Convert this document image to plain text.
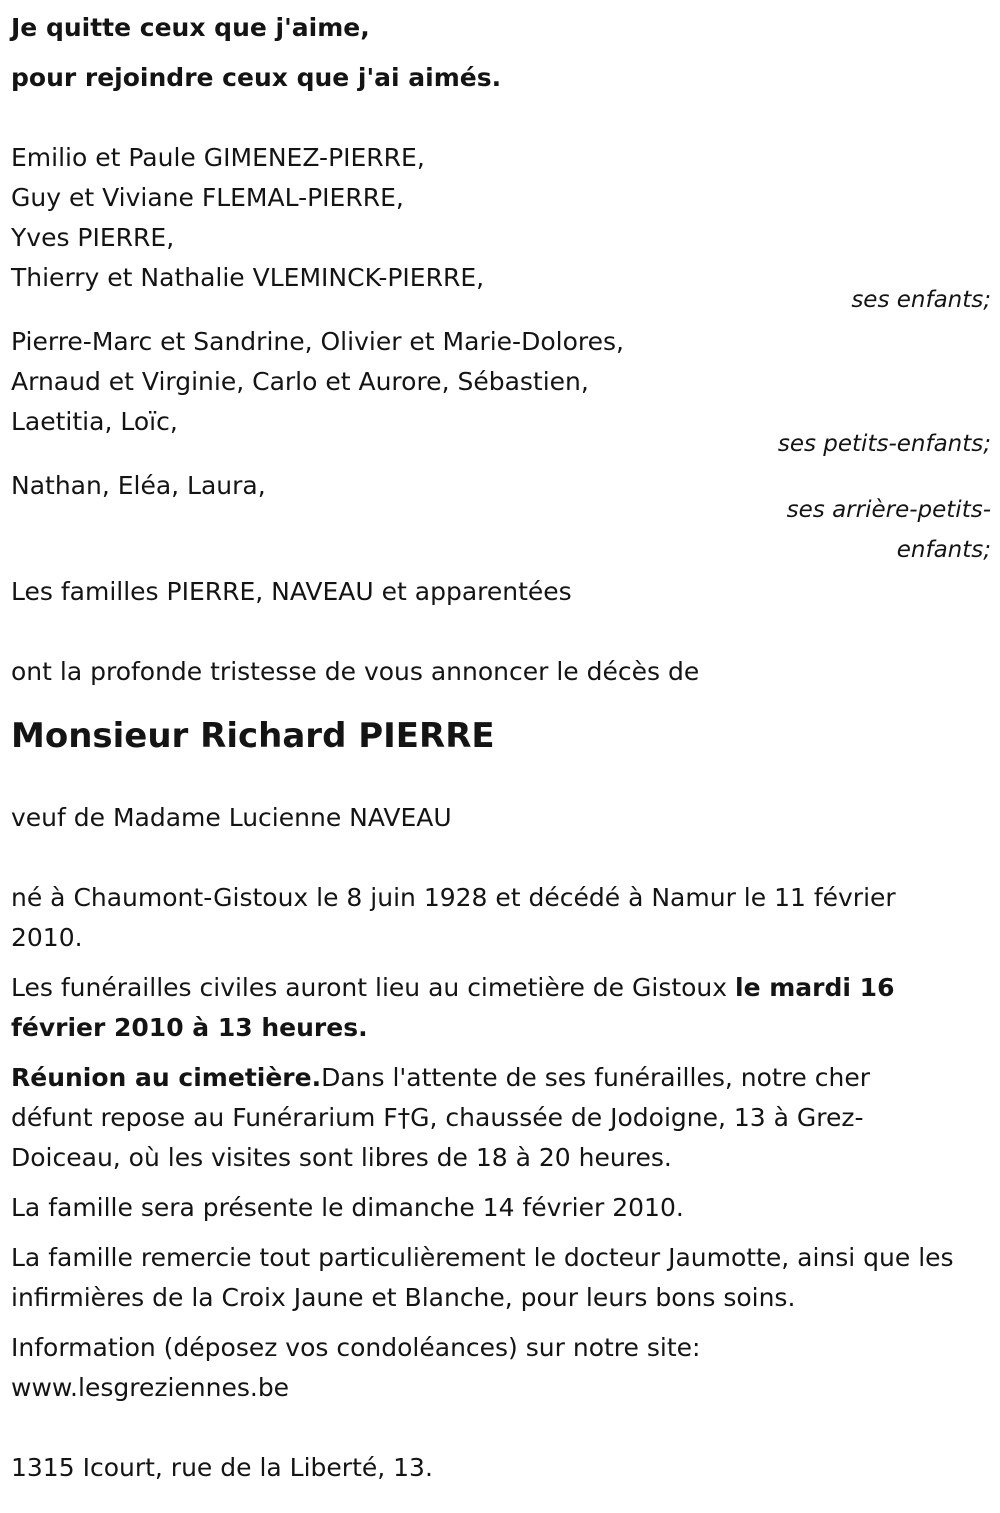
Je quitte ceux que j'aime,
pour rejoindre ceux que j'ai aimés.
Emilio et Paule GIMENEZ-PIERRE,
Guy et Viviane FLEMAL-PIERRE,
Yves PIERRE,
Thierry et Nathalie VLEMINCK-PIERRE,
ses enfants;
Pierre-Marc et Sandrine, Olivier et Marie-Dolores,
Arnaud et Virginie, Carlo et Aurore, Sébastien,
Laetitia, Loïc,
ses petits-enfants;
Nathan, Eléa, Laura,
ses arrière-petits-
enfants;
Les familles PIERRE, NAVEAU et apparentées
ont la profonde tristesse de vous annoncer le décès de
Monsieur Richard PIERRE
veuf de Madame Lucienne NAVEAU
né à Chaumont-Gistoux le 8 juin 1928 et décédé à Namur le 11 février 2010.
Les funérailles civiles auront lieu au cimetière de Gistoux le mardi 16 février 2010 à 13 heures.
Réunion au cimetière.Dans l'attente de ses funérailles, notre cher défunt repose au Funérarium F†G, chaussée de Jodoigne, 13 à Grez-Doiceau, où les visites sont libres de 18 à 20 heures.
La famille sera présente le dimanche 14 février 2010.
La famille remercie tout particulièrement le docteur Jaumotte, ainsi que les infirmières de la Croix Jaune et Blanche, pour leurs bons soins.
Information (déposez vos condoléances) sur notre site:
www.lesgreziennes.be
1315 Icourt, rue de la Liberté, 13.
